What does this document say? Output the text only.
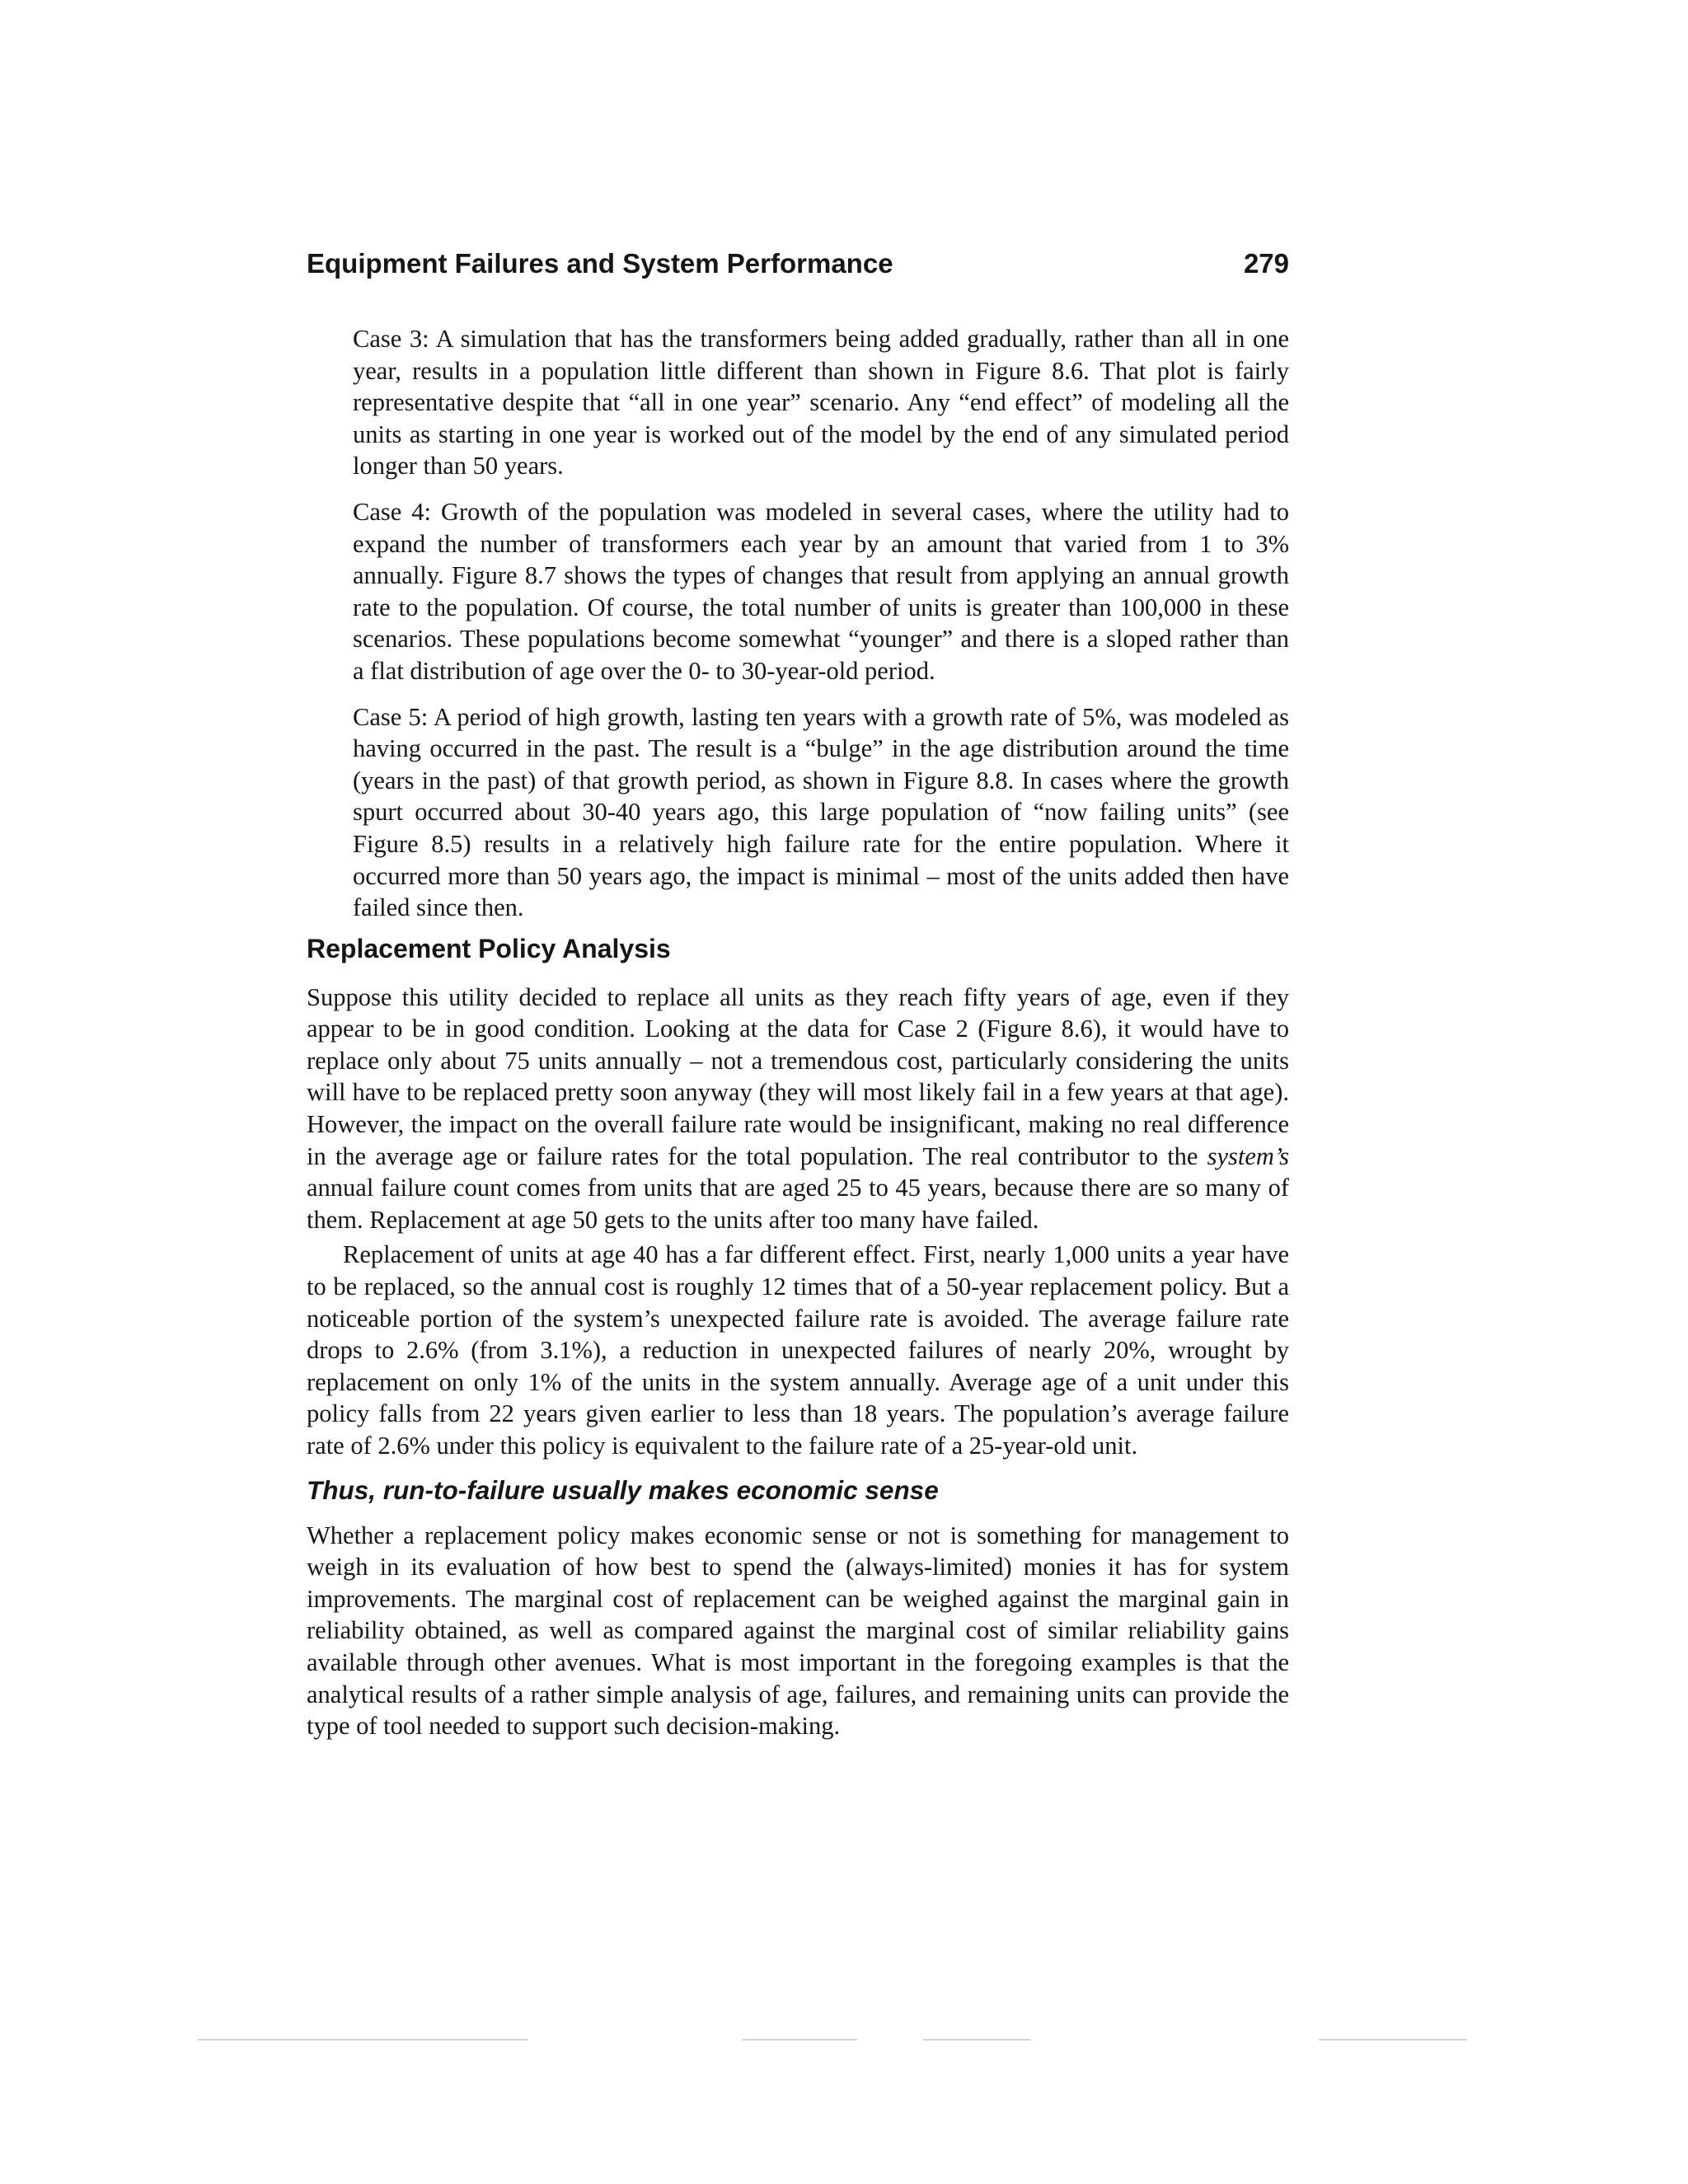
Equipment Failures and System Performance	279

Case 3: A simulation that has the transformers being added gradually, rather than all in one year, results in a population little different than shown in Figure 8.6. That plot is fairly representative despite that “all in one year” scenario. Any “end effect” of modeling all the units as starting in one year is worked out of the model by the end of any simulated period longer than 50 years.

Case 4: Growth of the population was modeled in several cases, where the utility had to expand the number of transformers each year by an amount that varied from 1 to 3% annually. Figure 8.7 shows the types of changes that result from applying an annual growth rate to the population. Of course, the total number of units is greater than 100,000 in these scenarios. These populations become somewhat “younger” and there is a sloped rather than a flat distribution of age over the 0- to 30-year-old period.

Case 5: A period of high growth, lasting ten years with a growth rate of 5%, was modeled as having occurred in the past. The result is a “bulge” in the age distribution around the time (years in the past) of that growth period, as shown in Figure 8.8. In cases where the growth spurt occurred about 30-40 years ago, this large population of “now failing units” (see Figure 8.5) results in a relatively high failure rate for the entire population. Where it occurred more than 50 years ago, the impact is minimal – most of the units added then have failed since then.

Replacement Policy Analysis

Suppose this utility decided to replace all units as they reach fifty years of age, even if they appear to be in good condition. Looking at the data for Case 2 (Figure 8.6), it would have to replace only about 75 units annually – not a tremendous cost, particularly considering the units will have to be replaced pretty soon anyway (they will most likely fail in a few years at that age). However, the impact on the overall failure rate would be insignificant, making no real difference in the average age or failure rates for the total population. The real contributor to the system’s annual failure count comes from units that are aged 25 to 45 years, because there are so many of them. Replacement at age 50 gets to the units after too many have failed.

Replacement of units at age 40 has a far different effect. First, nearly 1,000 units a year have to be replaced, so the annual cost is roughly 12 times that of a 50-year replacement policy. But a noticeable portion of the system’s unexpected failure rate is avoided. The average failure rate drops to 2.6% (from 3.1%), a reduction in unexpected failures of nearly 20%, wrought by replacement on only 1% of the units in the system annually. Average age of a unit under this policy falls from 22 years given earlier to less than 18 years. The population’s average failure rate of 2.6% under this policy is equivalent to the failure rate of a 25-year-old unit.

Thus, run-to-failure usually makes economic sense

Whether a replacement policy makes economic sense or not is something for management to weigh in its evaluation of how best to spend the (always-limited) monies it has for system improvements. The marginal cost of replacement can be weighed against the marginal gain in reliability obtained, as well as compared against the marginal cost of similar reliability gains available through other avenues. What is most important in the foregoing examples is that the analytical results of a rather simple analysis of age, failures, and remaining units can provide the type of tool needed to support such decision-making.
